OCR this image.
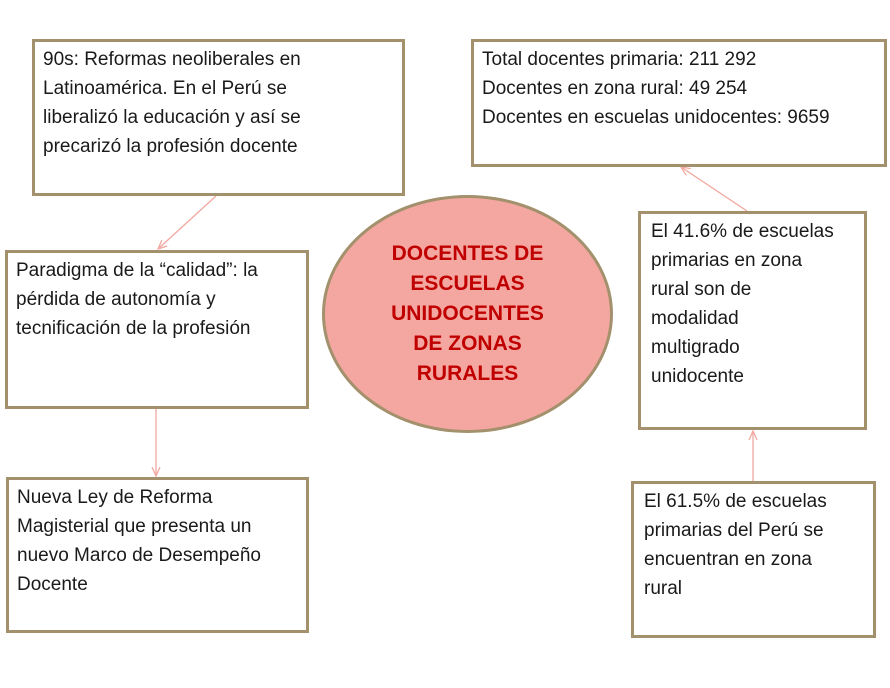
90s: Reformas neoliberales en
Latinoamérica. En el Perú se
liberalizó la educación y así se
precarizó la profesión docente
Paradigma de la “calidad”: la
pérdida de autonomía y
tecnificación de la profesión
Nueva Ley de Reforma
Magisterial que presenta un
nuevo Marco de Desempeño
Docente
Total docentes primaria: 211 292
Docentes en zona rural: 49 254
Docentes en escuelas unidocentes: 9659
El 41.6% de escuelas
primarias en zona
rural son de
modalidad
multigrado
unidocente
El 61.5% de escuelas
primarias del Perú se
encuentran en zona
rural
DOCENTES DE
ESCUELAS
UNIDOCENTES
DE ZONAS
RURALES
